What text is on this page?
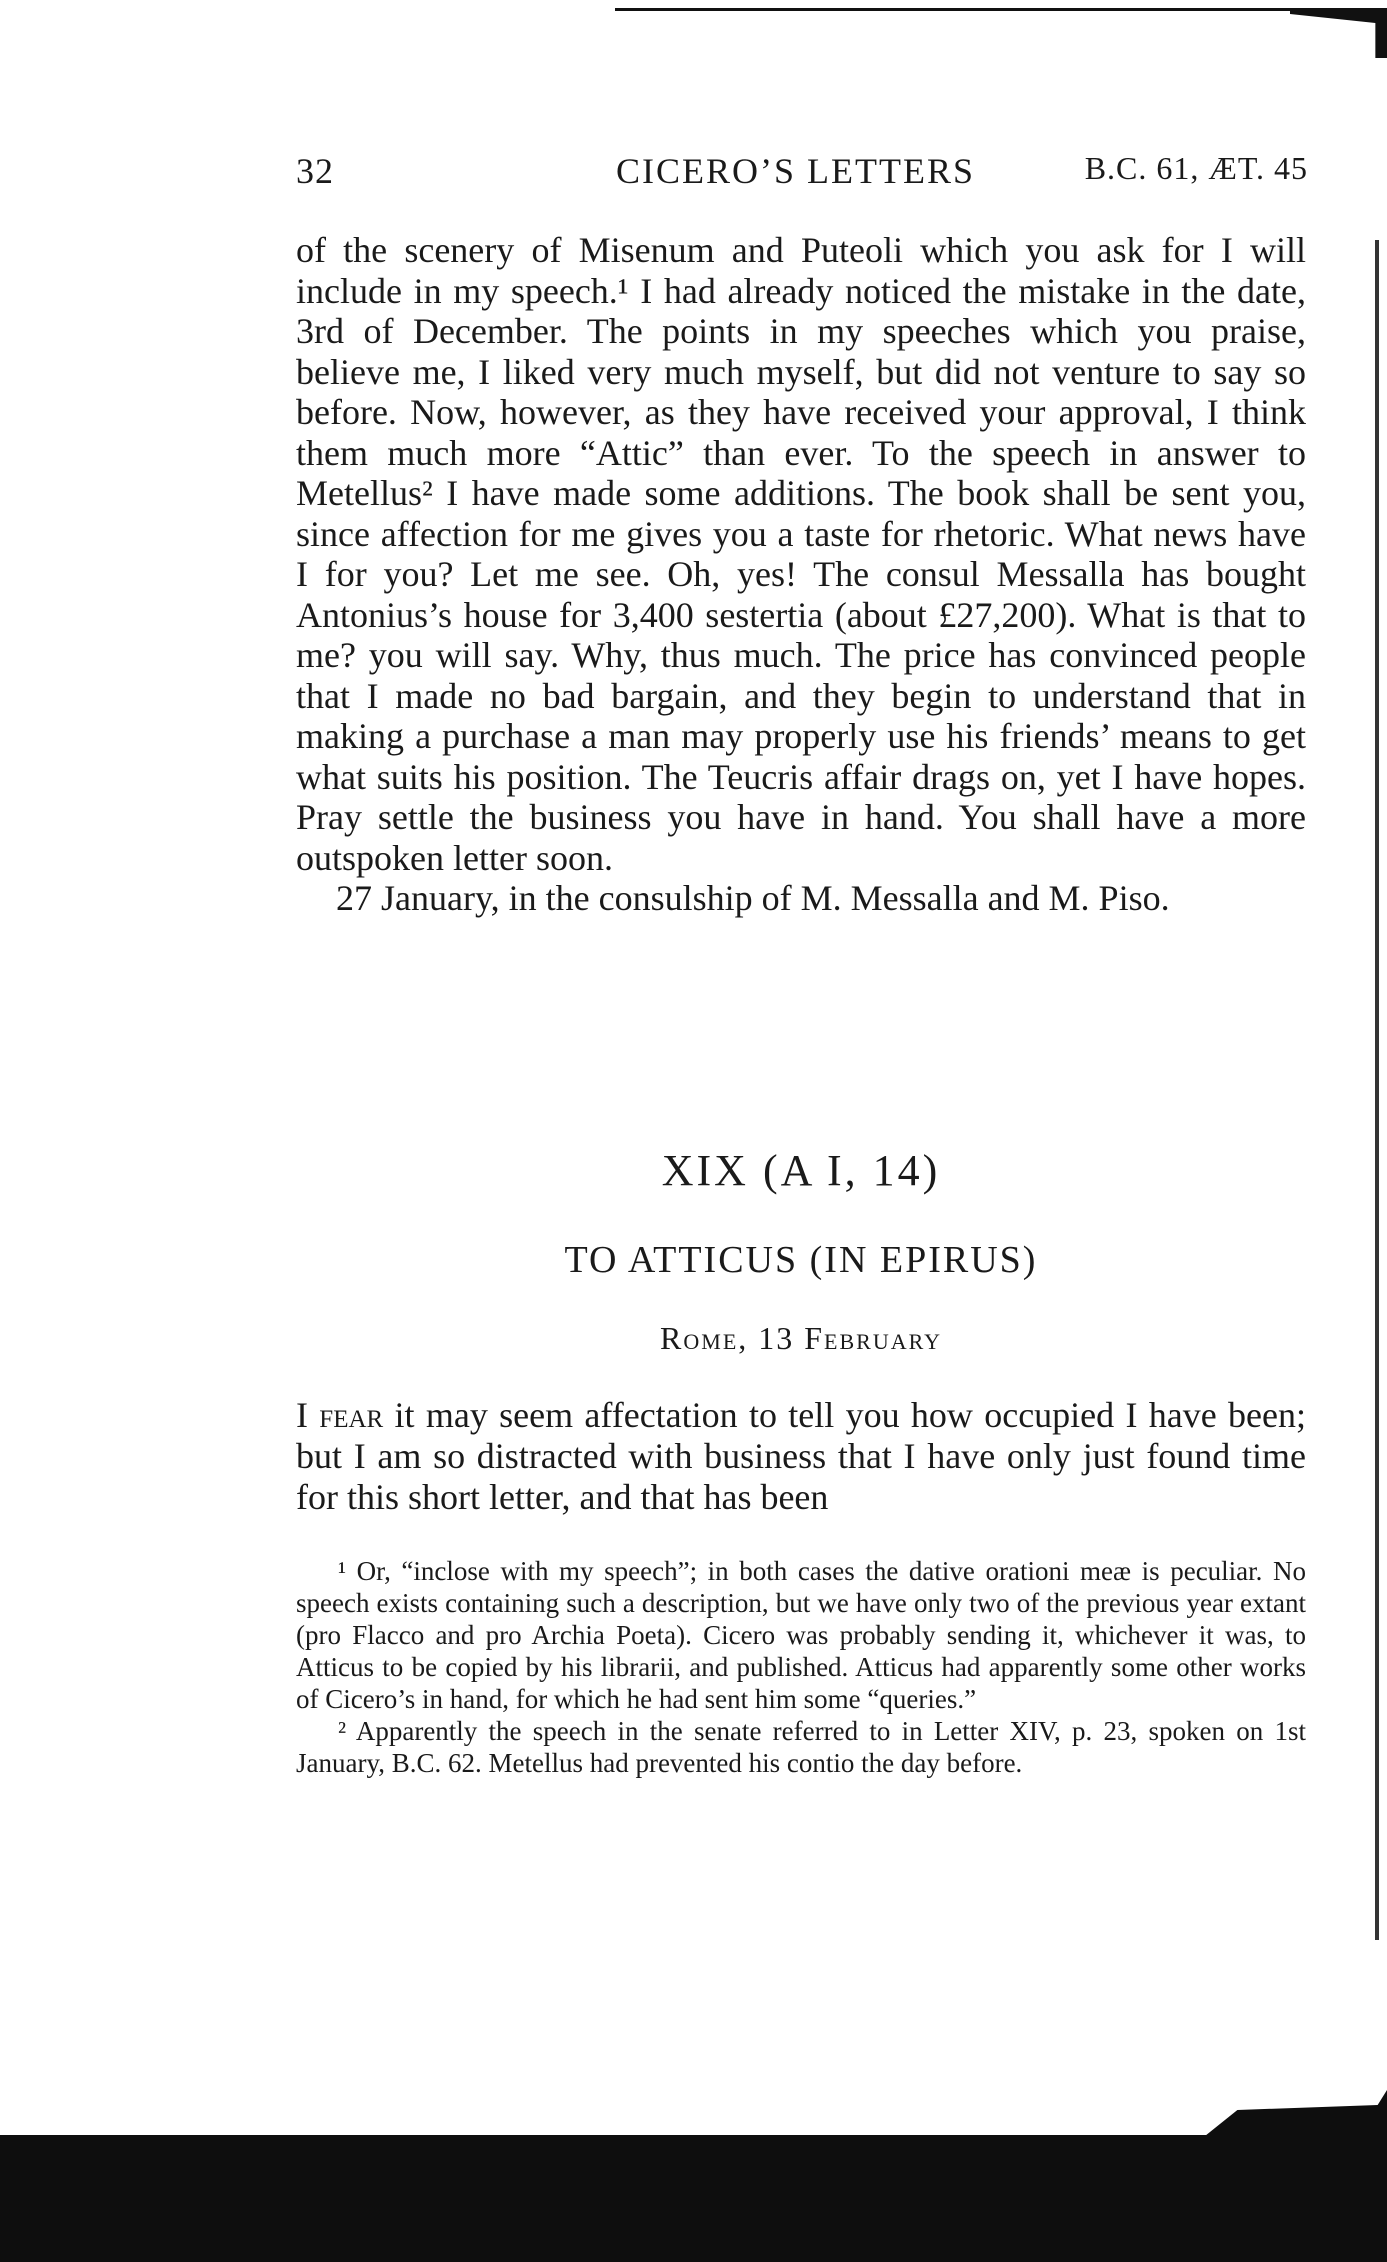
32	CICERO’S LETTERS	B.C. 61, ÆT. 45

of the scenery of Misenum and Puteoli which you ask for I will include in my speech.¹ I had already noticed the mistake in the date, 3rd of December. The points in my speeches which you praise, believe me, I liked very much myself, but did not venture to say so before. Now, however, as they have received your approval, I think them much more “Attic” than ever. To the speech in answer to Metellus² I have made some additions. The book shall be sent you, since affection for me gives you a taste for rhetoric. What news have I for you? Let me see. Oh, yes! The consul Messalla has bought Antonius’s house for 3,400 sestertia (about £27,200). What is that to me? you will say. Why, thus much. The price has convinced people that I made no bad bargain, and they begin to understand that in making a purchase a man may properly use his friends’ means to get what suits his position. The Teucris affair drags on, yet I have hopes. Pray settle the business you have in hand. You shall have a more outspoken letter soon.

27 January, in the consulship of M. Messalla and M. Piso.

XIX (A I, 14)
TO ATTICUS (IN EPIRUS)
Rome, 13 February
I fear it may seem affectation to tell you how occupied I have been; but I am so distracted with business that I have only just found time for this short letter, and that has been

¹ Or, “inclose with my speech”; in both cases the dative orationi meæ is peculiar. No speech exists containing such a description, but we have only two of the previous year extant (pro Flacco and pro Archia Poeta). Cicero was probably sending it, whichever it was, to Atticus to be copied by his librarii, and published. Atticus had apparently some other works of Cicero’s in hand, for which he had sent him some “queries.”

² Apparently the speech in the senate referred to in Letter XIV, p. 23, spoken on 1st January, B.C. 62. Metellus had prevented his contio the day before.
